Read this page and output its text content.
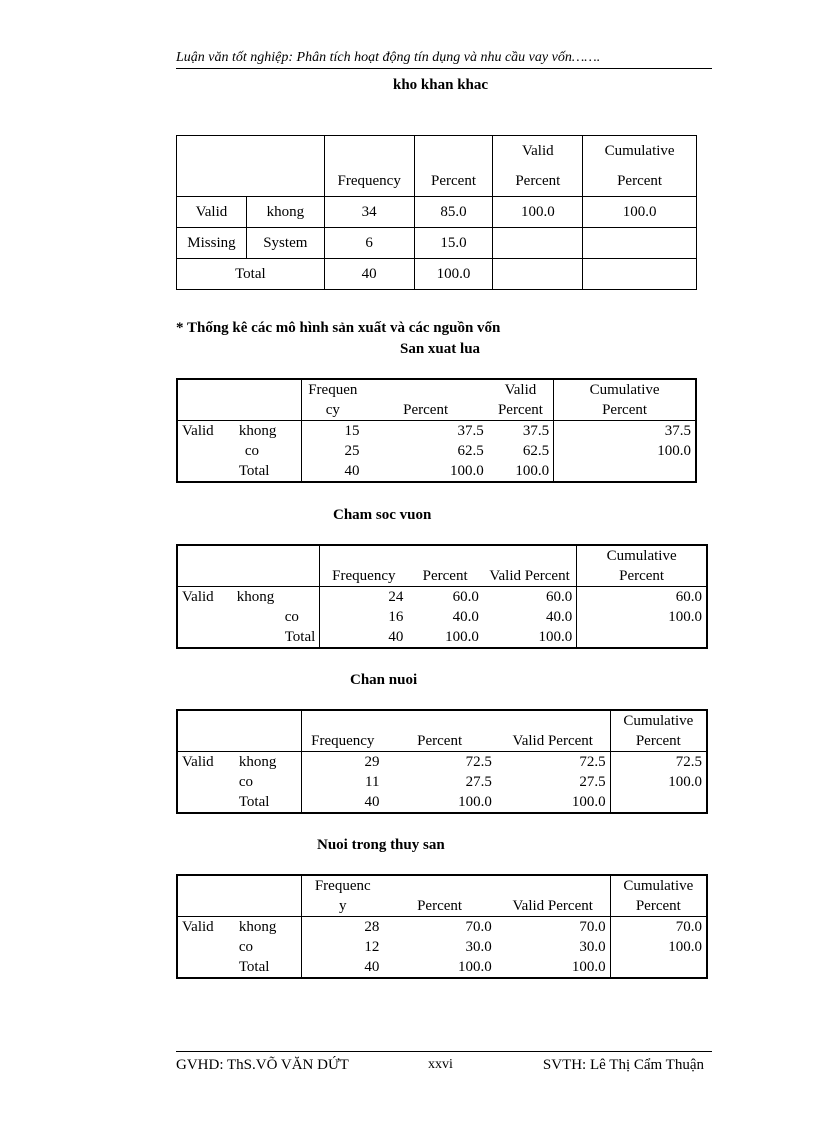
Luận văn tốt nghiệp: Phân tích hoạt động tín dụng và nhu cầu vay vốn…….
kho khan khac
		Frequency	Percent	Valid
Percent	Cumulative
Percent
Valid	khong	34	85.0	100.0	100.0
Missing	System	6	15.0		
Total		40	100.0		
* Thống kê các mô hình sản xuất và các nguồn vốn
San xuat lua
		Frequen
cy	Percent	Valid
Percent	Cumulative
Percent
Valid	khong	15	37.5	37.5	37.5
	co	25	62.5	62.5	100.0
	Total	40	100.0	100.0	
Cham soc vuon
		Frequency	Percent	Valid Percent	Cumulative
Percent
Valid	khong	24	60.0	60.0	60.0
	co	16	40.0	40.0	100.0
	Total	40	100.0	100.0	
Chan nuoi
		Frequency	Percent	Valid Percent	Cumulative
Percent
Valid	khong	29	72.5	72.5	72.5
	co	11	27.5	27.5	100.0
	Total	40	100.0	100.0	
Nuoi trong thuy san
		Frequenc
y	Percent	Valid Percent	Cumulative
Percent
Valid	khong	28	70.0	70.0	70.0
	co	12	30.0	30.0	100.0
	Total	40	100.0	100.0	
GVHD: ThS.VÕ VĂN DỨT	xxvi	SVTH: Lê Thị Cẩm Thuận
